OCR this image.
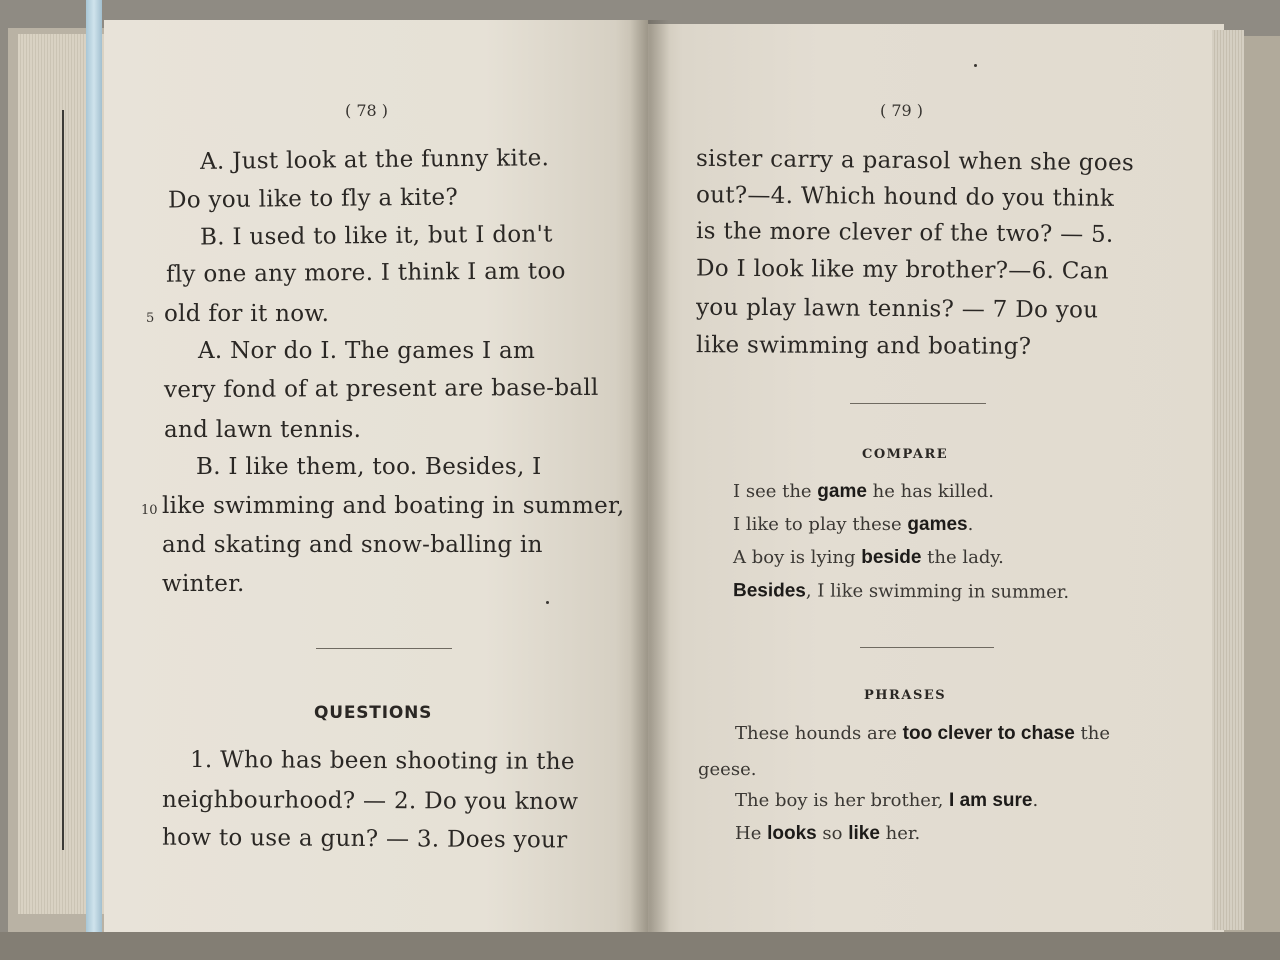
( 78 )
A. Just look at the funny kite.
Do you like to fly a kite?
B. I used to like it, but I don't
fly one any more. I think I am too
5 old for it now.
A. Nor do I. The games I am
very fond of at present are base-ball
and lawn tennis.
B. I like them, too. Besides, I
10 like swimming and boating in summer,
and skating and snow-balling in
winter.
QUESTIONS
1. Who has been shooting in the
neighbourhood? — 2. Do you know
how to use a gun? — 3. Does your
( 79 )
sister carry a parasol when she goes
out?—4. Which hound do you think
is the more clever of the two? — 5.
Do I look like my brother?—6. Can
you play lawn tennis? — 7 Do you
like swimming and boating?
COMPARE
I see the game he has killed.
I like to play these games.
A boy is lying beside the lady.
Besides, I like swimming in summer.
PHRASES
These hounds are too clever to chase the
geese.
The boy is her brother, I am sure.
He looks so like her.
